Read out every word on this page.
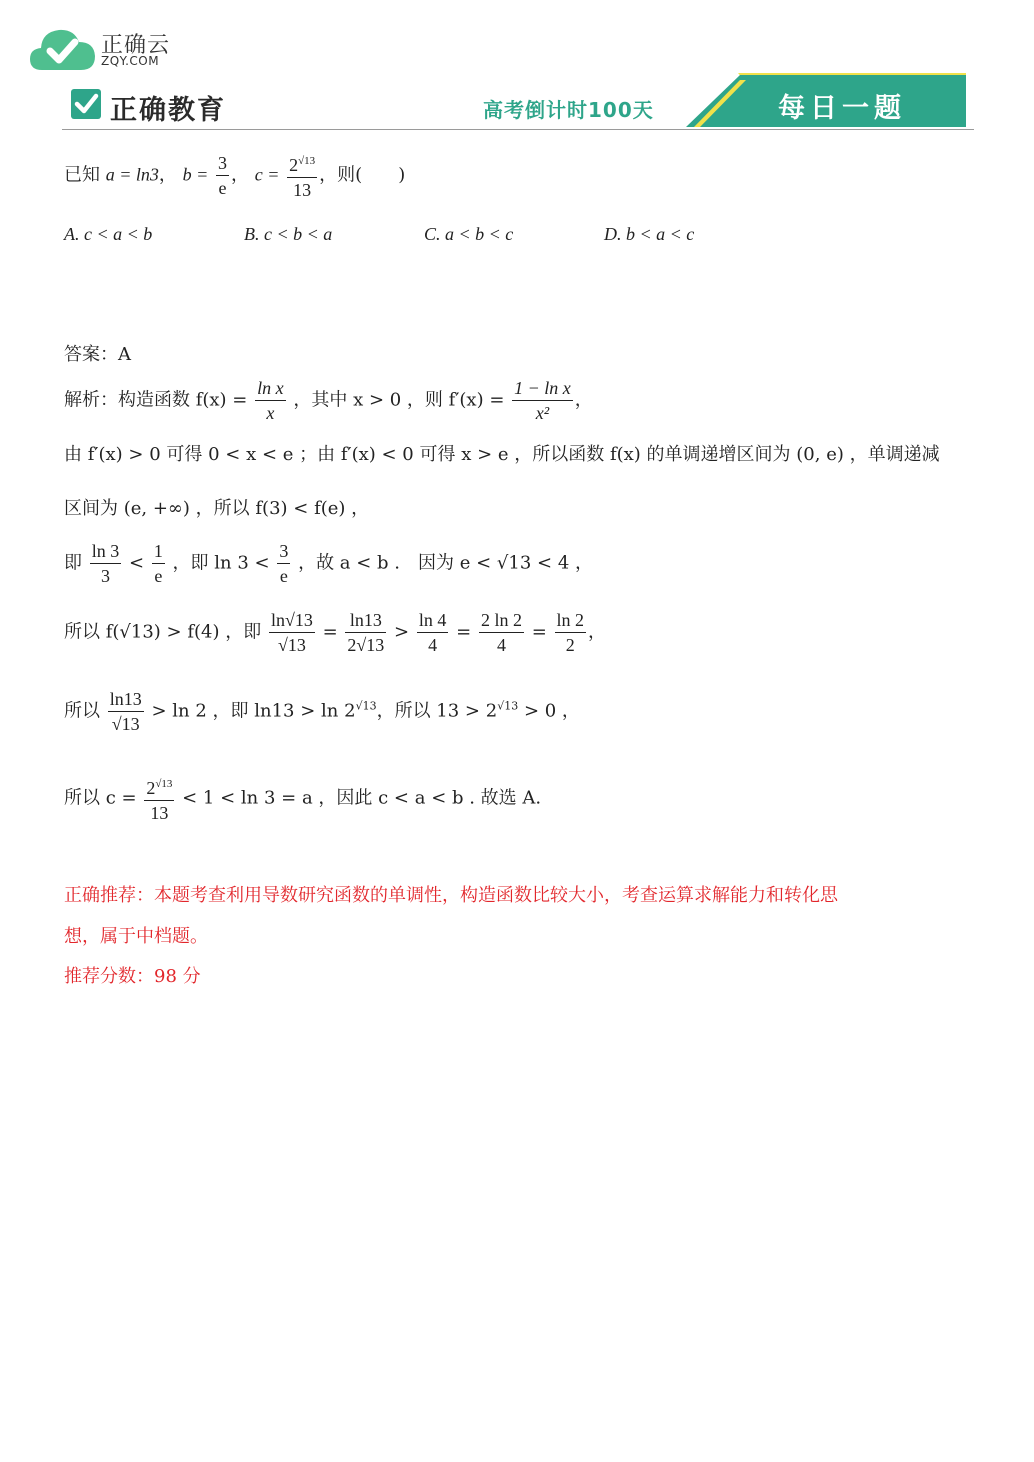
正确云
ZQY.COM
正确教育	高考倒计时100天	每日一题
已知 a = ln3， $b = \frac{3}{e}$ ， $c = \frac{2^{√13}}{13}$ ，则(　　)
A. c < a < b	B. c < b < a	C. a < b < c	D. b < a < c
答案：A
解析：构造函数 $f(x) = \frac{\text{ln x}}{x}$ ，其中 x > 0 ，则 $f'(x) = \frac{\text{1 − ln x}}{\text{x²}}$ ，
由 f′(x) > 0 可得 0 < x < e ；由 f′(x) < 0 可得 x > e ，所以函数 f(x) 的单调递增区间为 (0, e) ，单调递减
区间为 (e, +∞) ，所以 f(3) < f(e) ，
即 $\frac{\ln 3}{3} < \frac{1}{e}$ ，即 $\ln 3 < \frac{3}{e}$ ，故 a < b .　因为 e < √13 < 4 ，
所以 f(√13) > f(4) ，即 $\frac{\ln√13}{√13} = \frac{\ln 13}{2√13} > \frac{\ln 4}{4} = \frac{2 \ln 2}{4} = \frac{\ln 2}{2}$ ，
所以 $\frac{\ln 13}{√13} > \ln 2$ ，即 $\ln 13 > \ln 2^{√13}$，所以 $13 > 2^{√13} > 0$ ，
所以 $c = \frac{2^{√13}}{13} < 1 < \ln 3 = a$ ，因此 c < a < b . 故选 A.
正确推荐：本题考查利用导数研究函数的单调性，构造函数比较大小，考查运算求解能力和转化思
想，属于中档题。
推荐分数：98 分
